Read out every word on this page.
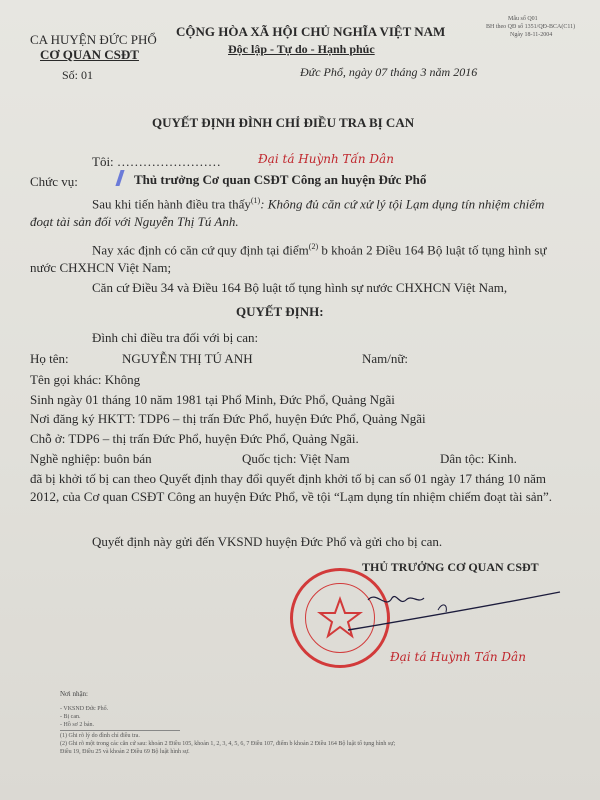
CA HUYỆN ĐỨC PHỔ
CƠ QUAN CSĐT
Số: 01
CỘNG HÒA XÃ HỘI CHỦ NGHĨA VIỆT NAM
Độc lập - Tự do - Hạnh phúc
Mẫu số Q01
BH theo QĐ số 1351/QĐ-BCA(C11)
Ngày 18-11-2004
Đức Phổ, ngày 07 tháng 3 năm 2016
QUYẾT ĐỊNH ĐÌNH CHỈ ĐIỀU TRA BỊ CAN
Tôi: ……………………	Đại tá Huỳnh Tấn Dân
Chức vụ:	Thủ trưởng Cơ quan CSĐT Công an huyện Đức Phổ
Sau khi tiến hành điều tra thấy$^{(1)}$: Không đủ căn cứ xử lý tội Lạm dụng tín nhiệm chiếm đoạt tài sản đối với Nguyễn Thị Tú Anh.
Nay xác định có căn cứ quy định tại điểm$^{(2)}$ b khoản 2 Điều 164 Bộ luật tố tụng hình sự nước CHXHCN Việt Nam;
Căn cứ Điều 34 và Điều 164 Bộ luật tố tụng hình sự nước CHXHCN Việt Nam,
QUYẾT ĐỊNH:
Đình chỉ điều tra đối với bị can:
Họ tên:	NGUYỄN THỊ TÚ ANH	Nam/nữ:
Tên gọi khác: Không
Sinh ngày 01 tháng 10 năm 1981 tại Phổ Minh, Đức Phổ, Quảng Ngãi
Nơi đăng ký HKTT: TDP6 – thị trấn Đức Phổ, huyện Đức Phổ, Quảng Ngãi
Chỗ ở: TDP6 – thị trấn Đức Phổ, huyện Đức Phổ, Quảng Ngãi.
Nghề nghiệp: buôn bán	Quốc tịch: Việt Nam	Dân tộc: Kinh.
đã bị khởi tố bị can theo Quyết định thay đổi quyết định khởi tố bị can số 01 ngày 17 tháng 10 năm 2012, của Cơ quan CSĐT Công an huyện Đức Phổ, về tội “Lạm dụng tín nhiệm chiếm đoạt tài sản”.
Quyết định này gửi đến VKSND huyện Đức Phổ và gửi cho bị can.
THỦ TRƯỞNG CƠ QUAN CSĐT
Đại tá Huỳnh Tấn Dân
Nơi nhận:
- VKSND Đức Phổ.
- Bị can.
- Hồ sơ 2 bản.
(1) Ghi rõ lý do đình chỉ điều tra.
(2) Ghi rõ một trong các căn cứ sau: khoản 2 Điều 105, khoản 1, 2, 3, 4, 5, 6, 7 Điều 107, điểm b khoản 2 Điều 164 Bộ luật tố tụng hình sự;
Điều 19, Điều 25 và khoản 2 Điều 69 Bộ luật hình sự.
